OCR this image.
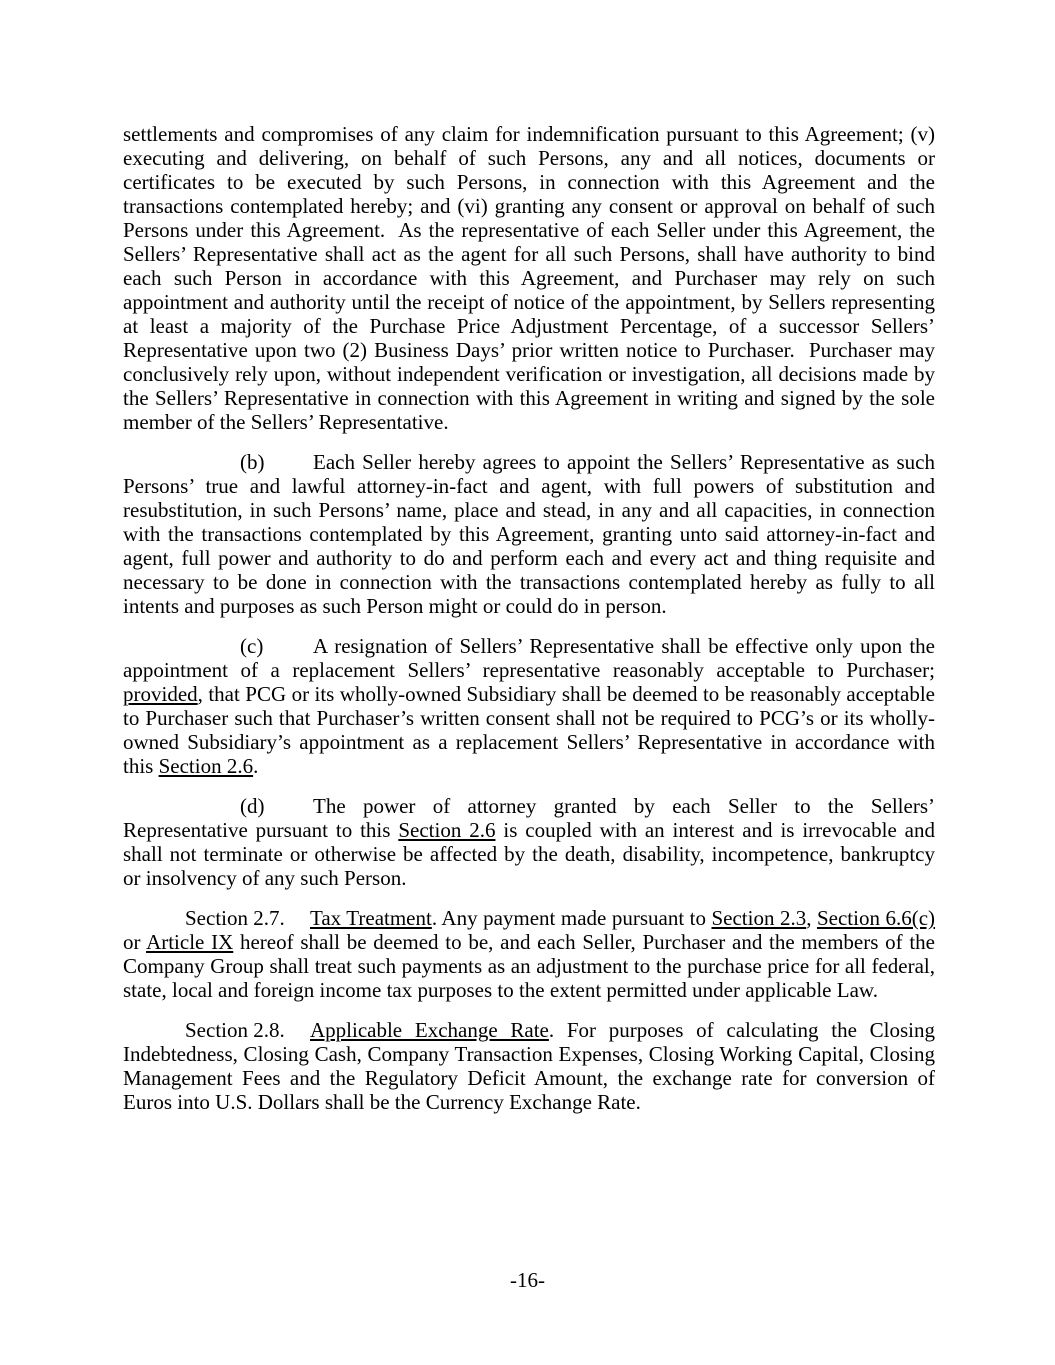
settlements and compromises of any claim for indemnification pursuant to this Agreement; (v) executing and delivering, on behalf of such Persons, any and all notices, documents or certificates to be executed by such Persons, in connection with this Agreement and the transactions contemplated hereby; and (vi) granting any consent or approval on behalf of such Persons under this Agreement.  As the representative of each Seller under this Agreement, the Sellers’ Representative shall act as the agent for all such Persons, shall have authority to bind each such Person in accordance with this Agreement, and Purchaser may rely on such appointment and authority until the receipt of notice of the appointment, by Sellers representing at least a majority of the Purchase Price Adjustment Percentage, of a successor Sellers’ Representative upon two (2) Business Days’ prior written notice to Purchaser.  Purchaser may conclusively rely upon, without independent verification or investigation, all decisions made by the Sellers’ Representative in connection with this Agreement in writing and signed by the sole member of the Sellers’ Representative.

(b) Each Seller hereby agrees to appoint the Sellers’ Representative as such Persons’ true and lawful attorney-in-fact and agent, with full powers of substitution and resubstitution, in such Persons’ name, place and stead, in any and all capacities, in connection with the transactions contemplated by this Agreement, granting unto said attorney-in-fact and agent, full power and authority to do and perform each and every act and thing requisite and necessary to be done in connection with the transactions contemplated hereby as fully to all intents and purposes as such Person might or could do in person.

(c) A resignation of Sellers’ Representative shall be effective only upon the appointment of a replacement Sellers’ representative reasonably acceptable to Purchaser; provided, that PCG or its wholly-owned Subsidiary shall be deemed to be reasonably acceptable to Purchaser such that Purchaser’s written consent shall not be required to PCG’s or its wholly-owned Subsidiary’s appointment as a replacement Sellers’ Representative in accordance with this Section 2.6.

(d) The power of attorney granted by each Seller to the Sellers’ Representative pursuant to this Section 2.6 is coupled with an interest and is irrevocable and shall not terminate or otherwise be affected by the death, disability, incompetence, bankruptcy or insolvency of any such Person.

Section 2.7. Tax Treatment. Any payment made pursuant to Section 2.3, Section 6.6(c) or Article IX hereof shall be deemed to be, and each Seller, Purchaser and the members of the Company Group shall treat such payments as an adjustment to the purchase price for all federal, state, local and foreign income tax purposes to the extent permitted under applicable Law.

Section 2.8. Applicable Exchange Rate. For purposes of calculating the Closing Indebtedness, Closing Cash, Company Transaction Expenses, Closing Working Capital, Closing Management Fees and the Regulatory Deficit Amount, the exchange rate for conversion of Euros into U.S. Dollars shall be the Currency Exchange Rate.

-16-
